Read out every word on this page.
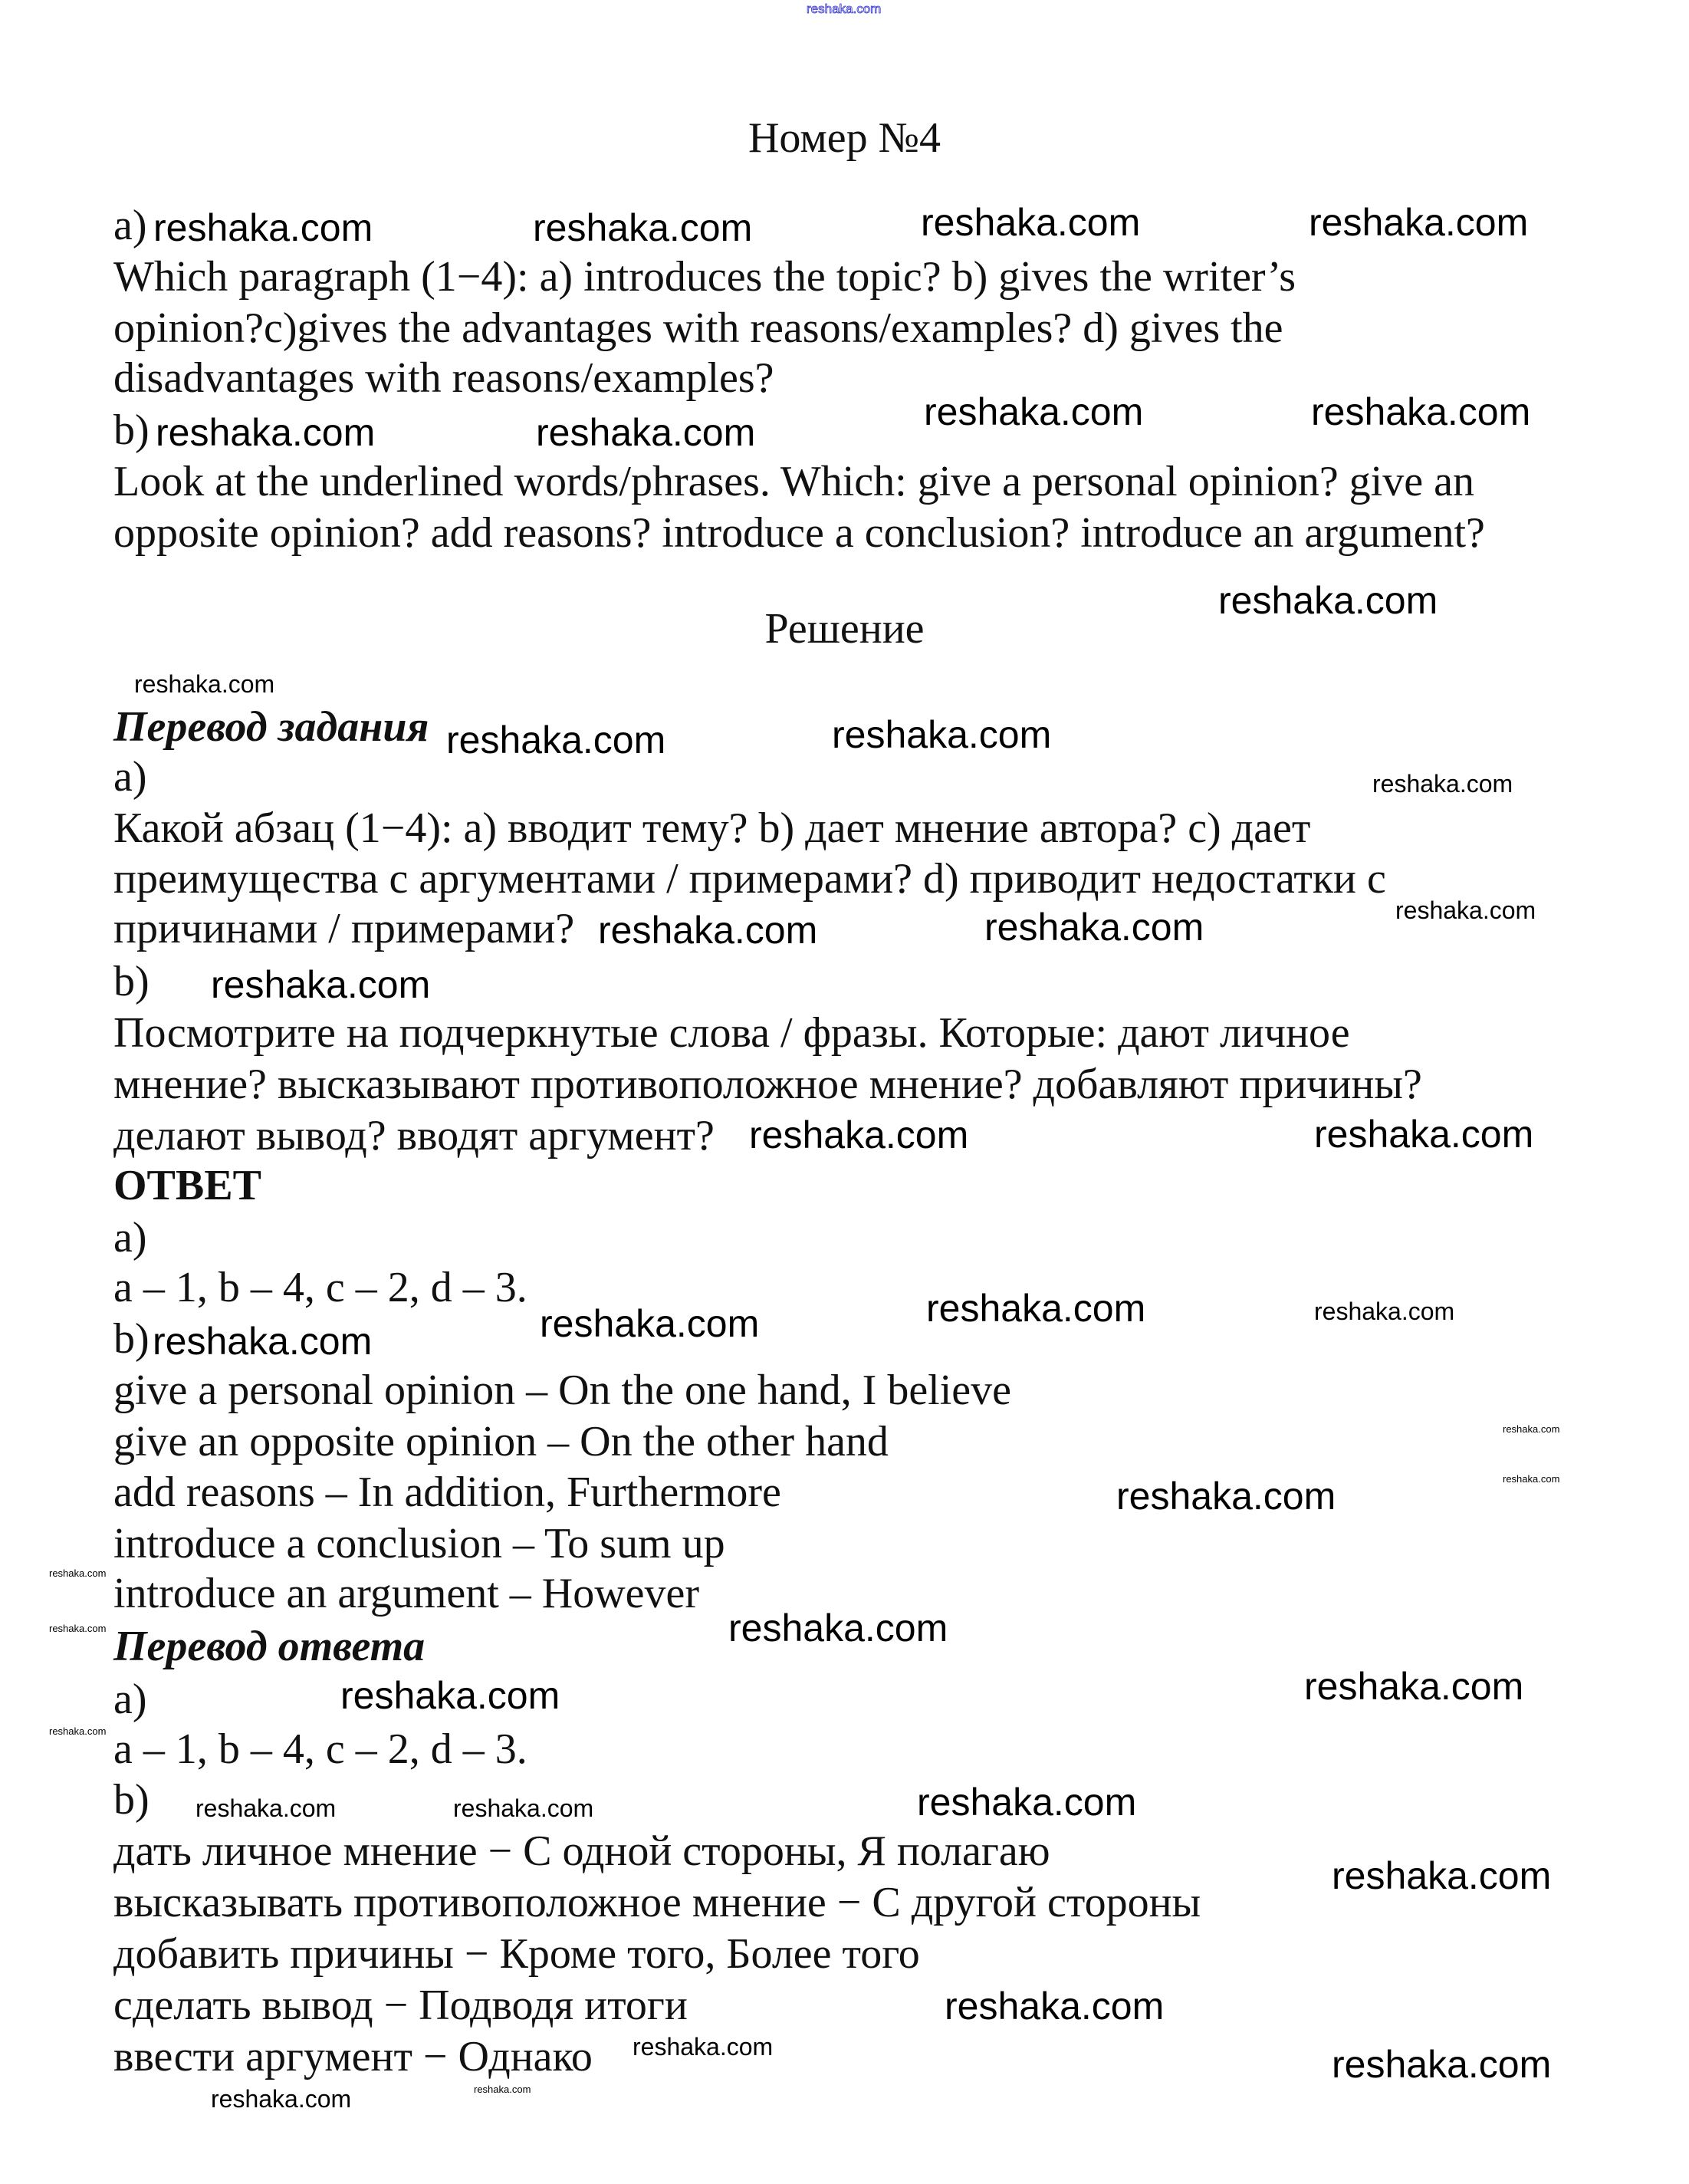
reshaka.com
Номер №4
a)
Which paragraph (1−4): a) introduces the topic? b) gives the writer’s
opinion?c)gives the advantages with reasons/examples? d) gives the
disadvantages with reasons/examples?
b)
Look at the underlined words/phrases. Which: give a personal opinion? give an
opposite opinion? add reasons? introduce a conclusion? introduce an argument?
Решение
Перевод задания
a)
Какой абзац (1−4): а) вводит тему? b) дает мнение автора? c) дает
преимущества с аргументами / примерами? d) приводит недостатки с
причинами / примерами?
b)
Посмотрите на подчеркнутые слова / фразы. Которые: дают личное
мнение? высказывают противоположное мнение? добавляют причины?
делают вывод? вводят аргумент?
ОТВЕТ
a)
a – 1, b – 4, c – 2, d – 3.
b)
give a personal opinion – On the one hand, I believe
give an opposite opinion – On the other hand
add reasons – In addition, Furthermore
introduce a conclusion – To sum up
introduce an argument – However
Перевод ответа
a)
a – 1, b – 4, c – 2, d – 3.
b)
дать личное мнение − С одной стороны, Я полагаю
высказывать противоположное мнение − С другой стороны
добавить причины − Кроме того, Более того
сделать вывод − Подводя итоги
ввести аргумент − Однако
reshaka.com	reshaka.com	reshaka.com	reshaka.com
reshaka.com	reshaka.com	reshaka.com	reshaka.com
reshaka.com
reshaka.com	reshaka.com
reshaka.com	reshaka.com
reshaka.com
reshaka.com	reshaka.com
reshaka.com	reshaka.com
reshaka.com
reshaka.com
reshaka.com
reshaka.com	reshaka.com
reshaka.com
reshaka.com
reshaka.com
reshaka.com
reshaka.com
reshaka.com
reshaka.com
reshaka.com
reshaka.com	reshaka.com
reshaka.com
reshaka.com
reshaka.com
reshaka.com
reshaka.com
reshaka.com
reshaka.com
reshaka.com
